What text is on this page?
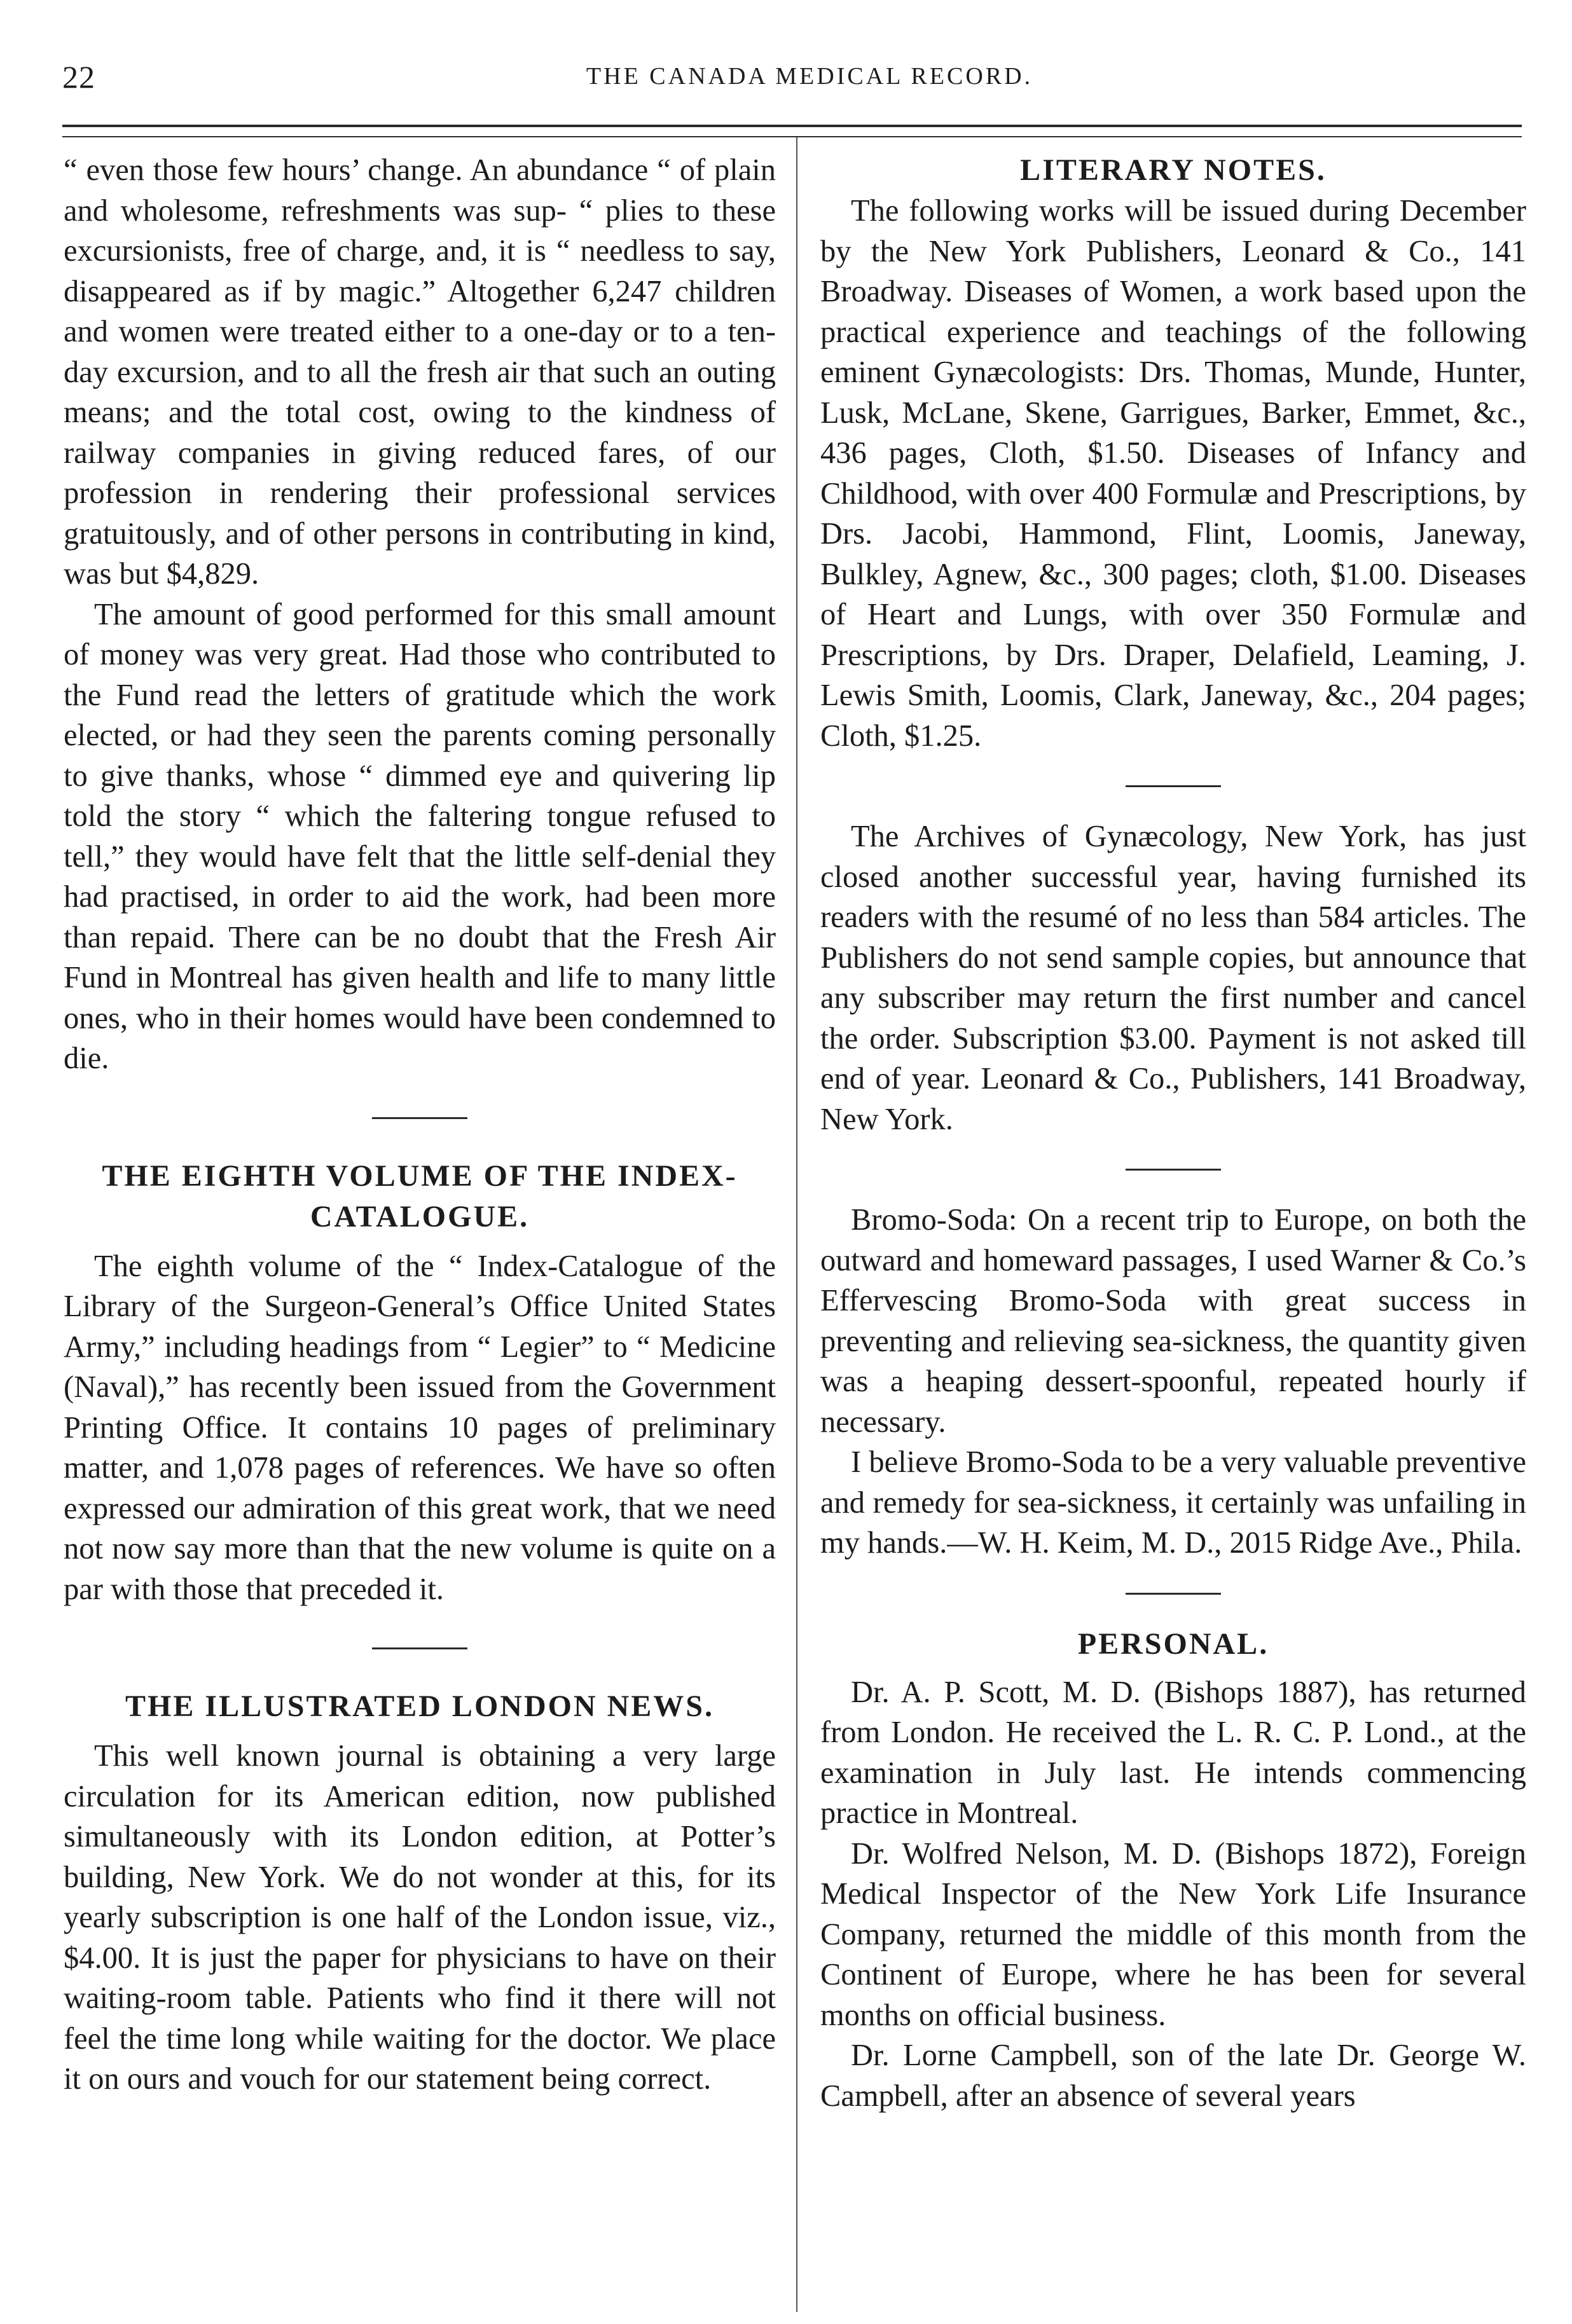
22	THE CANADA MEDICAL RECORD.

“ even those few hours’ change. An abundance “ of plain and wholesome, refreshments was sup- “ plies to these excursionists, free of charge, and, it is “ needless to say, disappeared as if by magic.” Altogether 6,247 children and women were treated either to a one-day or to a ten-day excursion, and to all the fresh air that such an outing means; and the total cost, owing to the kindness of railway companies in giving reduced fares, of our profession in rendering their professional services gratuitously, and of other persons in contributing in kind, was but $4,829.

The amount of good performed for this small amount of money was very great. Had those who contributed to the Fund read the letters of gratitude which the work elected, or had they seen the parents coming personally to give thanks, whose “ dimmed eye and quivering lip told the story “ which the faltering tongue refused to tell,” they would have felt that the little self-denial they had practised, in order to aid the work, had been more than repaid. There can be no doubt that the Fresh Air Fund in Montreal has given health and life to many little ones, who in their homes would have been condemned to die.

THE EIGHTH VOLUME OF THE INDEX-
CATALOGUE.

The eighth volume of the “ Index-Catalogue of the Library of the Surgeon-General’s Office United States Army,” including headings from “ Legier” to “ Medicine (Naval),” has recently been issued from the Government Printing Office. It contains 10 pages of preliminary matter, and 1,078 pages of references. We have so often expressed our admiration of this great work, that we need not now say more than that the new volume is quite on a par with those that preceded it.

THE ILLUSTRATED LONDON NEWS.

This well known journal is obtaining a very large circulation for its American edition, now published simultaneously with its London edition, at Potter’s building, New York. We do not wonder at this, for its yearly subscription is one half of the London issue, viz., $4.00. It is just the paper for physicians to have on their waiting-room table. Patients who find it there will not feel the time long while waiting for the doctor. We place it on ours and vouch for our statement being correct.

LITERARY NOTES.

The following works will be issued during December by the New York Publishers, Leonard & Co., 141 Broadway. Diseases of Women, a work based upon the practical experience and teachings of the following eminent Gynæcologists: Drs. Thomas, Munde, Hunter, Lusk, McLane, Skene, Garrigues, Barker, Emmet, &c., 436 pages, Cloth, $1.50. Diseases of Infancy and Childhood, with over 400 Formulæ and Prescriptions, by Drs. Jacobi, Hammond, Flint, Loomis, Janeway, Bulkley, Agnew, &c., 300 pages; cloth, $1.00. Diseases of Heart and Lungs, with over 350 Formulæ and Prescriptions, by Drs. Draper, Delafield, Leaming, J. Lewis Smith, Loomis, Clark, Janeway, &c., 204 pages; Cloth, $1.25.

The Archives of Gynæcology, New York, has just closed another successful year, having furnished its readers with the resumé of no less than 584 articles. The Publishers do not send sample copies, but announce that any subscriber may return the first number and cancel the order. Subscription $3.00. Payment is not asked till end of year. Leonard & Co., Publishers, 141 Broadway, New York.

Bromo-Soda: On a recent trip to Europe, on both the outward and homeward passages, I used Warner & Co.’s Effervescing Bromo-Soda with great success in preventing and relieving sea-sickness, the quantity given was a heaping dessert-spoonful, repeated hourly if necessary.

I believe Bromo-Soda to be a very valuable preventive and remedy for sea-sickness, it certainly was unfailing in my hands.—W. H. Keim, M. D., 2015 Ridge Ave., Phila.

PERSONAL.

Dr. A. P. Scott, M. D. (Bishops 1887), has returned from London. He received the L. R. C. P. Lond., at the examination in July last. He intends commencing practice in Montreal.

Dr. Wolfred Nelson, M. D. (Bishops 1872), Foreign Medical Inspector of the New York Life Insurance Company, returned the middle of this month from the Continent of Europe, where he has been for several months on official business.

Dr. Lorne Campbell, son of the late Dr. George W. Campbell, after an absence of several years
